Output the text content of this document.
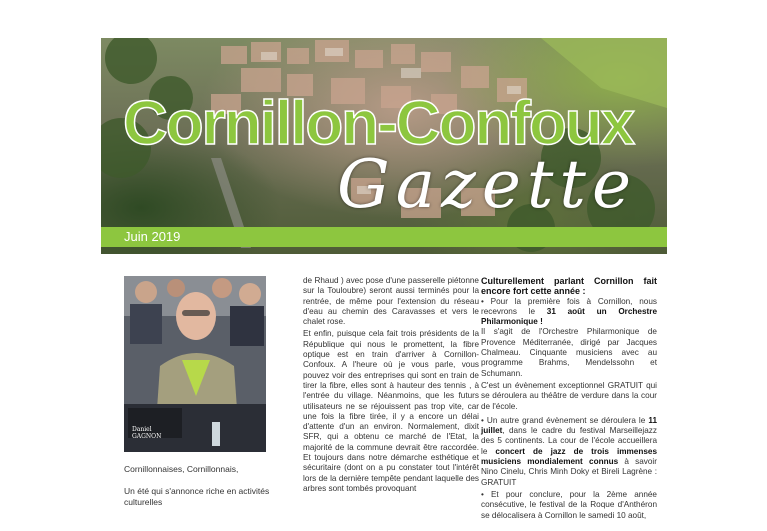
Cornillon-Confoux
Gazette
Juin 2019
Daniel
GAGNON
Cornillonnaises, Cornillonnais,
Un été qui s'annonce riche en activités culturelles

de Rhaud ) avec pose d'une passerelle piétonne sur la Touloubre) seront aussi terminés pour la rentrée, de même pour l'extension du réseau d'eau au chemin des Caravasses et vers le chalet rose.

Et enfin, puisque cela fait trois présidents de la République qui nous le promettent, la fibre optique est en train d'arriver à Cornillon-Confoux. A l'heure où je vous parle, vous pouvez voir des entreprises qui sont en train de tirer la fibre, elles sont à hauteur des tennis , à l'entrée du village. Néanmoins, que les futurs utilisateurs ne se réjouissent pas trop vite, car une fois la fibre tirée, il y a encore un délai d'attente d'un an environ. Normalement, dixit SFR, qui a obtenu ce marché de l'Etat, la majorité de la commune devrait être raccordée. Et toujours dans notre démarche esthétique et sécuritaire (dont on a pu constater tout l'intérêt lors de la dernière tempête pendant laquelle des arbres sont tombés provoquant

Culturellement parlant Cornillon fait encore fort cette année :

• Pour la première fois à Cornillon, nous recevrons le 31 août un Orchestre Philarmonique !

Il s'agit de l'Orchestre Philarmonique de Provence Méditerranée, dirigé par Jacques Chalmeau. Cinquante musiciens avec au programme Brahms, Mendelssohn et Schumann.

C'est un évènement exceptionnel GRATUIT qui se déroulera au théâtre de verdure dans la cour de l'école.

• Un autre grand évènement se déroulera le 11 juillet, dans le cadre du festival Marseillejazz des 5 continents. La cour de l'école accueillera le concert de jazz de trois immenses musiciens mondialement connus à savoir Nino Cinelu, Chris Minh Doky et Bireli Lagrène : GRATUIT

• Et pour conclure, pour la 2ème année consécutive, le festival de la Roque d'Anthéron se délocalisera à Cornillon le samedi 10 août,
